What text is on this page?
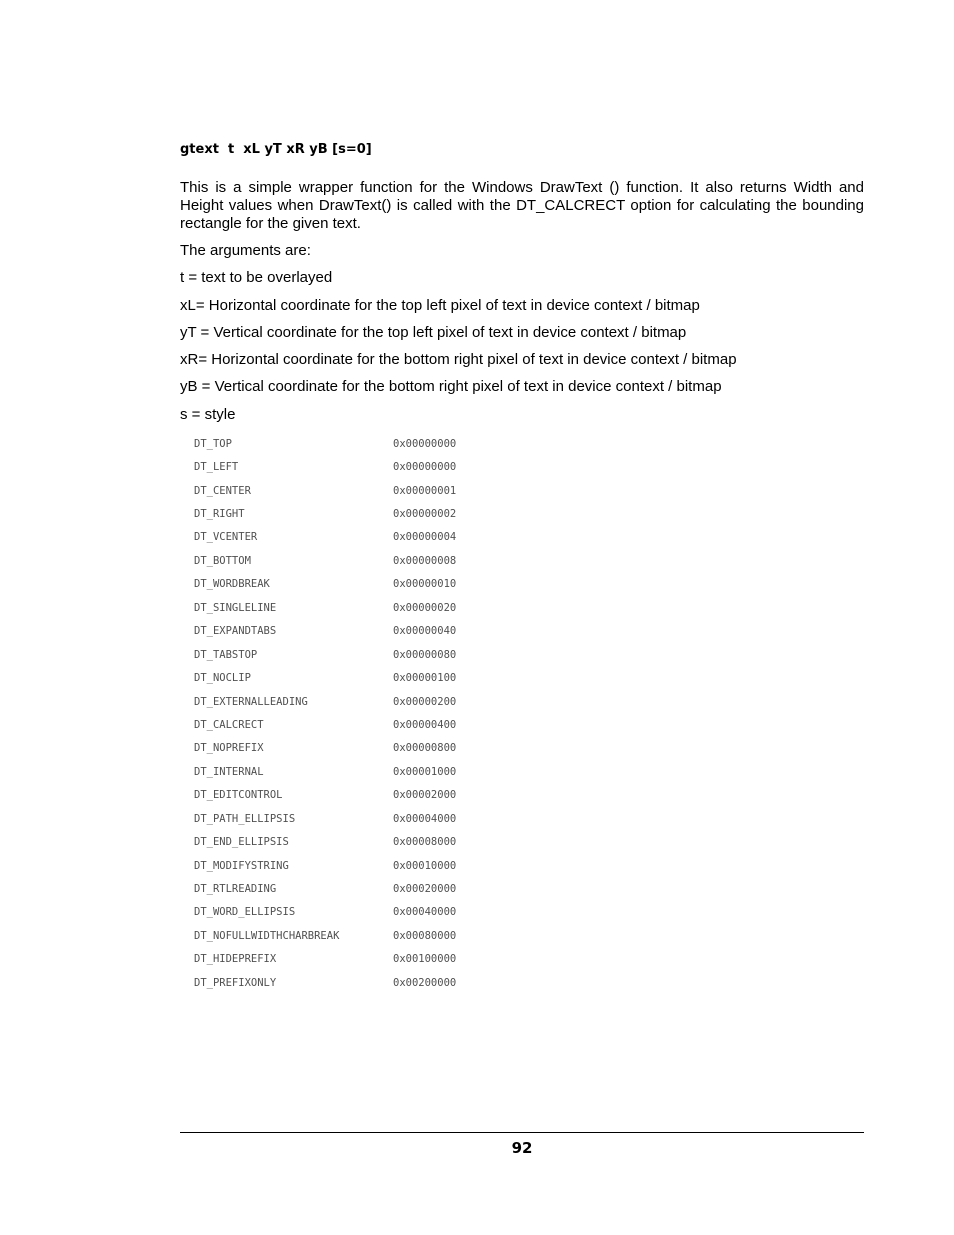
gtext  t  xL yT xR yB [s=0]

This is a simple wrapper function for the Windows DrawText () function. It also returns Width and Height values when DrawText() is called with the DT_CALCRECT option for calculating the bounding rectangle for the given text.

The arguments are:

t = text to be overlayed

xL= Horizontal coordinate for the top left pixel of text in device context / bitmap

yT = Vertical coordinate for the top left pixel of text in device context / bitmap

xR= Horizontal coordinate for the bottom right pixel of text in device context / bitmap

yB = Vertical coordinate for the bottom right pixel of text in device context / bitmap

s = style

DT_TOP	0x00000000
DT_LEFT	0x00000000
DT_CENTER	0x00000001
DT_RIGHT	0x00000002
DT_VCENTER	0x00000004
DT_BOTTOM	0x00000008
DT_WORDBREAK	0x00000010
DT_SINGLELINE	0x00000020
DT_EXPANDTABS	0x00000040
DT_TABSTOP	0x00000080
DT_NOCLIP	0x00000100
DT_EXTERNALLEADING	0x00000200
DT_CALCRECT	0x00000400
DT_NOPREFIX	0x00000800
DT_INTERNAL	0x00001000
DT_EDITCONTROL	0x00002000
DT_PATH_ELLIPSIS	0x00004000
DT_END_ELLIPSIS	0x00008000
DT_MODIFYSTRING	0x00010000
DT_RTLREADING	0x00020000
DT_WORD_ELLIPSIS	0x00040000
DT_NOFULLWIDTHCHARBREAK	0x00080000
DT_HIDEPREFIX	0x00100000
DT_PREFIXONLY	0x00200000
92
